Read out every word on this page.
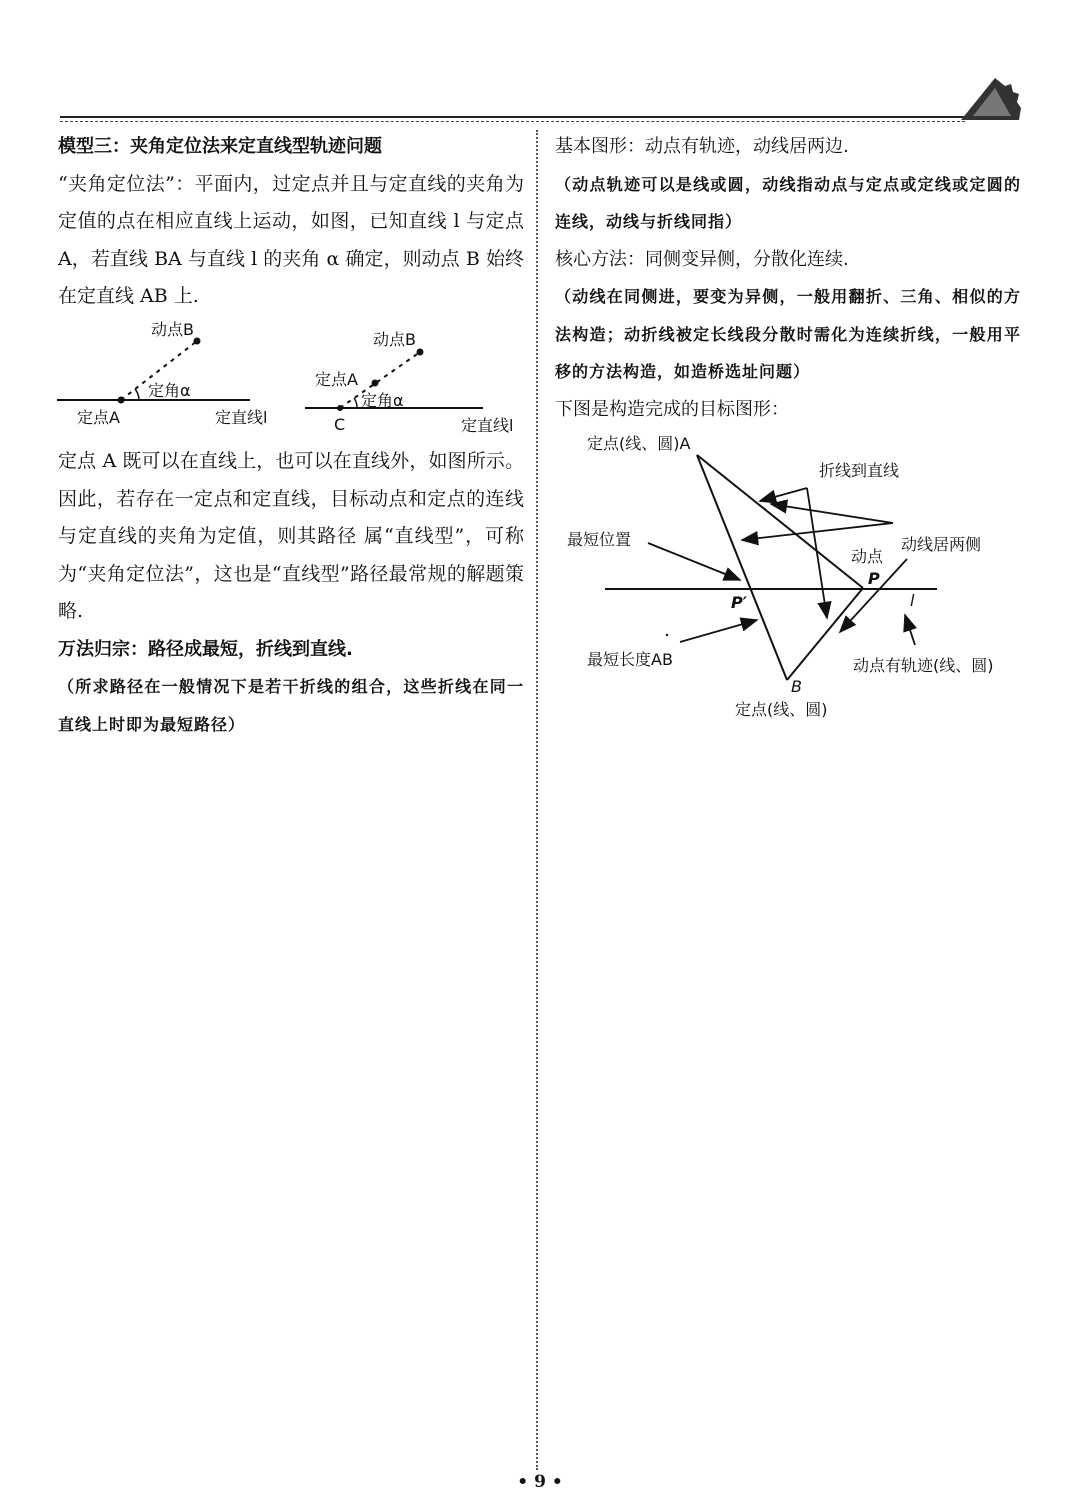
模型三：夹角定位法来定直线型轨迹问题
“夹角定位法”：平面内，过定点并且与定直线的夹角为定值的点在相应直线上运动，如图，已知直线 l 与定点 A，若直线 BA 与直线 l 的夹角 α 确定，则动点 B 始终在定直线 AB 上.
动点B
定角α
定点A	定直线l
动点B
定点A
定角α
C	定直线l
定点 A 既可以在直线上，也可以在直线外，如图所示。因此，若存在一定点和定直线，目标动点和定点的连线与定直线的夹角为定值，则其路径 属“直线型”，可称为“夹角定位法”，这也是“直线型”路径最常规的解题策略.
万法归宗：路径成最短，折线到直线.
（所求路径在一般情况下是若干折线的组合，这些折线在同一直线上时即为最短路径）
基本图形：动点有轨迹，动线居两边.
（动点轨迹可以是线或圆，动线指动点与定点或定线或定圆的连线，动线与折线同指）
核心方法：同侧变异侧，分散化连续.
（动线在同侧进，要变为异侧，一般用翻折、三角、相似的方法构造；动折线被定长线段分散时需化为连续折线，一般用平移的方法构造，如造桥选址问题）
下图是构造完成的目标图形：
定点(线、圆)A
折线到直线
最短位置	动线居两侧
动点
P
P′	l
最短长度AB	动点有轨迹(线、圆)
B
定点(线、圆)
• 9 •
